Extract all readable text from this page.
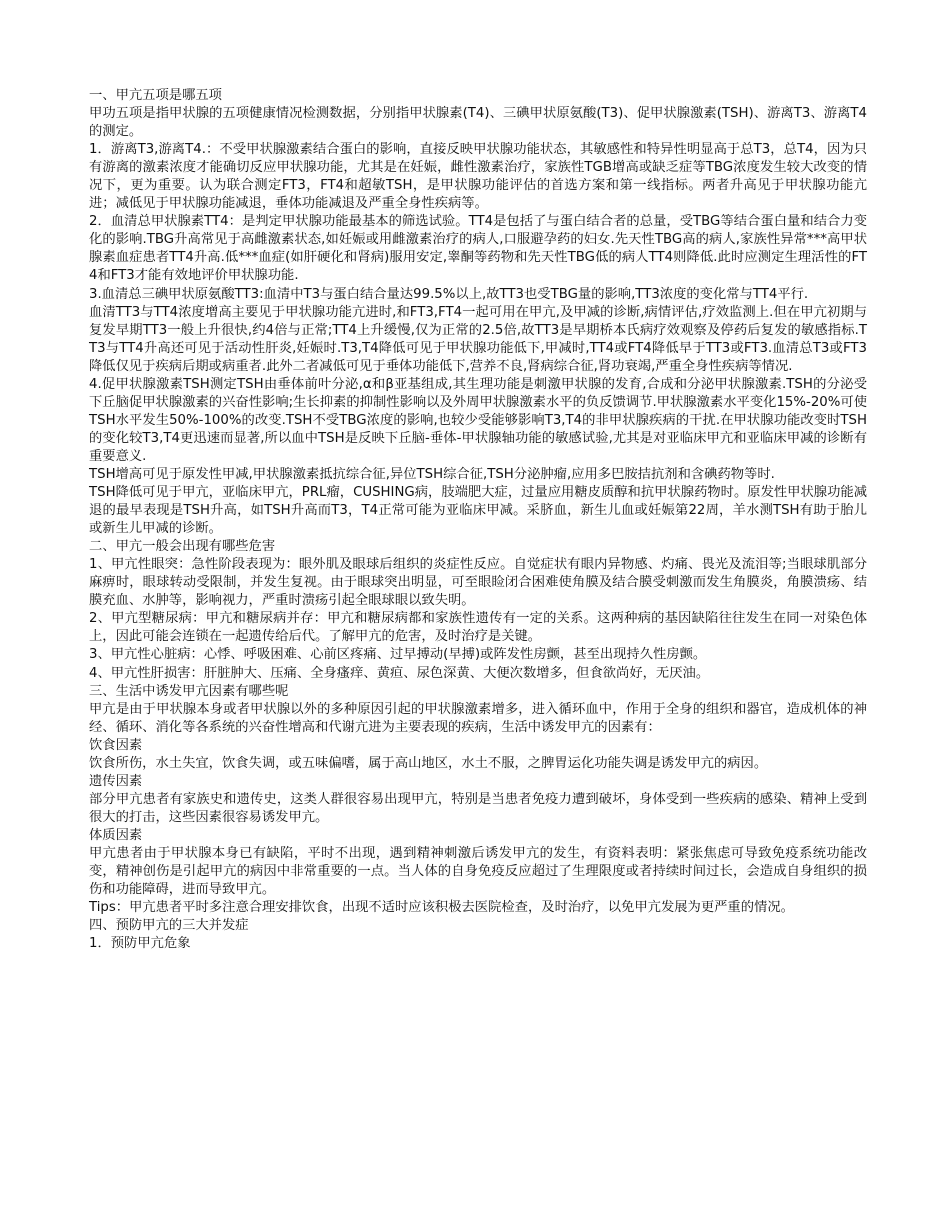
一、甲亢五项是哪五项

甲功五项是指甲状腺的五项健康情况检测数据，分别指甲状腺素(T4)、三碘甲状原氨酸(T3)、促甲状腺激素(TSH)、游离T3、游离T4的测定。

1．游离T3,游离T4.：不受甲状腺激素结合蛋白的影响，直接反映甲状腺功能状态，其敏感性和特异性明显高于总T3，总T4，因为只有游离的激素浓度才能确切反应甲状腺功能，尤其是在妊娠，雌性激素治疗，家族性TGB增高或缺乏症等TBG浓度发生较大改变的情况下，更为重要。认为联合测定FT3，FT4和超敏TSH，是甲状腺功能评估的首选方案和第一线指标。两者升高见于甲状腺功能亢进；减低见于甲状腺功能减退，垂体功能减退及严重全身性疾病等。

2．血清总甲状腺素TT4：是判定甲状腺功能最基本的筛选试验。TT4是包括了与蛋白结合者的总量，受TBG等结合蛋白量和结合力变化的影响.TBG升高常见于高雌激素状态,如妊娠或用雌激素治疗的病人,口服避孕药的妇女.先天性TBG高的病人,家族性异常***高甲状腺素血症患者TT4升高.低***血症(如肝硬化和肾病)服用安定,睾酮等药物和先天性TBG低的病人TT4则降低.此时应测定生理活性的FT4和FT3才能有效地评价甲状腺功能.

3.血清总三碘甲状原氨酸TT3:血清中T3与蛋白结合量达99.5%以上,故TT3也受TBG量的影响,TT3浓度的变化常与TT4平行.

血清TT3与TT4浓度增高主要见于甲状腺功能亢进时,和FT3,FT4一起可用在甲亢,及甲减的诊断,病情评估,疗效监测上.但在甲亢初期与复发早期TT3一般上升很快,约4倍与正常;TT4上升缓慢,仅为正常的2.5倍,故TT3是早期桥本氏病疗效观察及停药后复发的敏感指标.TT3与TT4升高还可见于活动性肝炎,妊娠时.T3,T4降低可见于甲状腺功能低下,甲减时,TT4或FT4降低早于TT3或FT3.血清总T3或FT3降低仅见于疾病后期或病重者.此外二者减低可见于垂体功能低下,营养不良,肾病综合征,肾功衰竭,严重全身性疾病等情况.

4.促甲状腺激素TSH测定TSH由垂体前叶分泌,α和β亚基组成,其生理功能是刺激甲状腺的发育,合成和分泌甲状腺激素.TSH的分泌受下丘脑促甲状腺激素的兴奋性影响;生长抑素的抑制性影响以及外周甲状腺激素水平的负反馈调节.甲状腺激素水平变化15%-20%可使TSH水平发生50%-100%的改变.TSH不受TBG浓度的影响,也较少受能够影响T3,T4的非甲状腺疾病的干扰.在甲状腺功能改变时TSH的变化较T3,T4更迅速而显著,所以血中TSH是反映下丘脑-垂体-甲状腺轴功能的敏感试验,尤其是对亚临床甲亢和亚临床甲减的诊断有重要意义.

TSH增高可见于原发性甲减,甲状腺激素抵抗综合征,异位TSH综合征,TSH分泌肿瘤,应用多巴胺拮抗剂和含碘药物等时.

TSH降低可见于甲亢，亚临床甲亢，PRL瘤，CUSHING病，肢端肥大症，过量应用糖皮质醇和抗甲状腺药物时。原发性甲状腺功能减退的最早表现是TSH升高，如TSH升高而T3，T4正常可能为亚临床甲减。采脐血，新生儿血或妊娠第22周，羊水测TSH有助于胎儿或新生儿甲减的诊断。

二、甲亢一般会出现有哪些危害

1、甲亢性眼突：急性阶段表现为：眼外肌及眼球后组织的炎症性反应。自觉症状有眼内异物感、灼痛、畏光及流泪等;当眼球肌部分麻痹时，眼球转动受限制，并发生复视。由于眼球突出明显，可至眼睑闭合困难使角膜及结合膜受刺激而发生角膜炎，角膜溃疡、结膜充血、水肿等，影响视力，严重时溃疡引起全眼球眼以致失明。

2、甲亢型糖尿病：甲亢和糖尿病并存：甲亢和糖尿病都和家族性遗传有一定的关系。这两种病的基因缺陷往往发生在同一对染色体上，因此可能会连锁在一起遗传给后代。了解甲亢的危害，及时治疗是关键。

3、甲亢性心脏病：心悸、呼吸困难、心前区疼痛、过早搏动(早搏)或阵发性房颤，甚至出现持久性房颤。

4、甲亢性肝损害：肝脏肿大、压痛、全身瘙痒、黄疸、尿色深黄、大便次数增多，但食欲尚好，无厌油。

三、生活中诱发甲亢因素有哪些呢

甲亢是由于甲状腺本身或者甲状腺以外的多种原因引起的甲状腺激素增多，进入循环血中，作用于全身的组织和器官，造成机体的神经、循环、消化等各系统的兴奋性增高和代谢亢进为主要表现的疾病，生活中诱发甲亢的因素有：

饮食因素

饮食所伤，水土失宜，饮食失调，或五味偏嗜，属于高山地区，水土不服，之脾胃运化功能失调是诱发甲亢的病因。

遗传因素

部分甲亢患者有家族史和遗传史，这类人群很容易出现甲亢，特别是当患者免疫力遭到破坏，身体受到一些疾病的感染、精神上受到很大的打击，这些因素很容易诱发甲亢。

体质因素

甲亢患者由于甲状腺本身已有缺陷，平时不出现，遇到精神刺激后诱发甲亢的发生，有资料表明：紧张焦虑可导致免疫系统功能改变，精神创伤是引起甲亢的病因中非常重要的一点。当人体的自身免疫反应超过了生理限度或者持续时间过长，会造成自身组织的损伤和功能障碍，进而导致甲亢。

Tips：甲亢患者平时多注意合理安排饮食，出现不适时应该积极去医院检查，及时治疗，以免甲亢发展为更严重的情况。

四、预防甲亢的三大并发症

1．预防甲亢危象
